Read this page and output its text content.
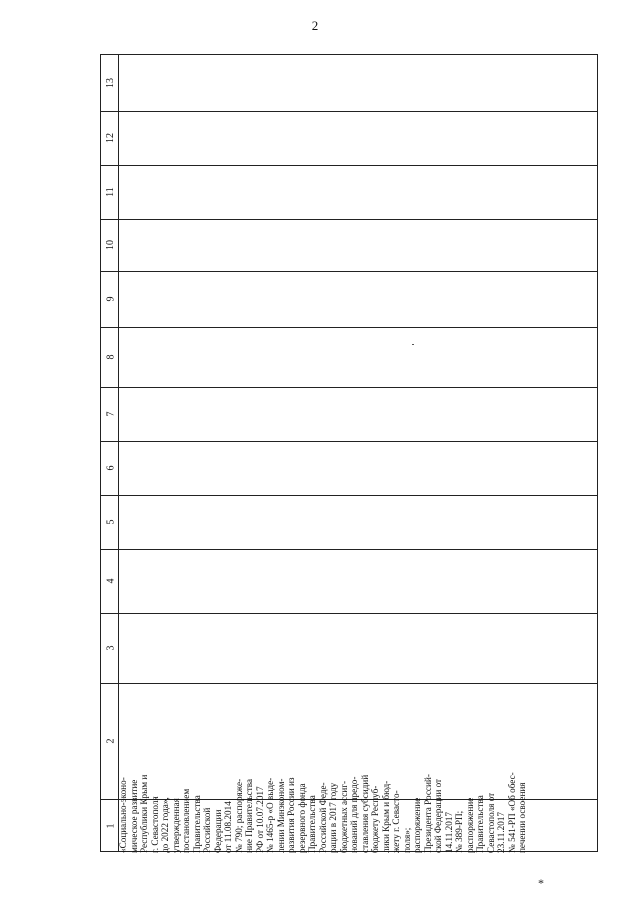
2
1
2
3
4
5
6
7
8
9
10
11
12
13
«Социально-эконо- мическое развитие Республики Крым и г. Севастополя до 2022 года», утвержденная постановлением Правительства Российской Федерации от 11.08.2014 № 790; распоряже- ние Правительства РФ от 10.07.2017 № 1465-р «О выде- лении Минэконом- развития России из резервного фонда Правительства Российской Феде- рации в 2017 году бюджетных ассиг- нований для предо- ставления субсидий бюджету Респуб- лики Крым и бюд- жету г. Севасто- поля»; распоряжение Президента Россий- ской Федерации от 14.11.2017 № 389-РП; распоряжение Правительства Севастополя от 23.11.2017 № 541-РП «Об обес- печении освоения
*
